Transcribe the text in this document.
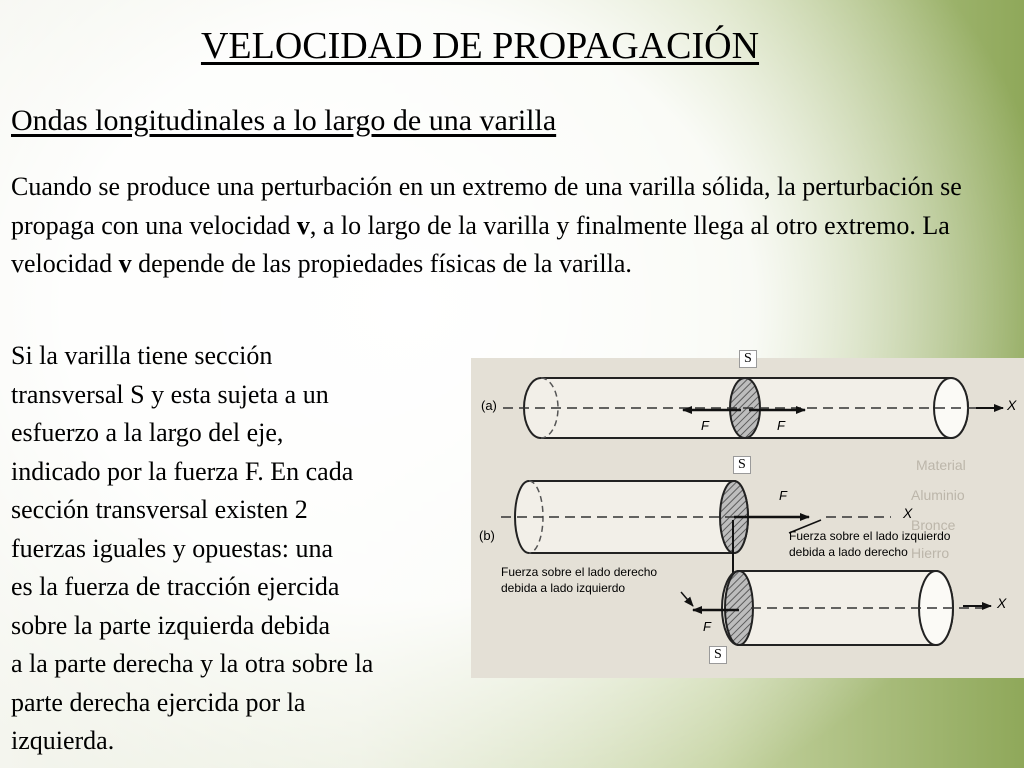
VELOCIDAD DE PROPAGACIÓN
Ondas longitudinales a lo largo de una varilla

Cuando se produce una perturbación en un extremo de una varilla sólida, la perturbación se propaga con una velocidad v, a lo largo de la varilla y finalmente llega al otro extremo. La velocidad v depende de las propiedades físicas de la varilla.

Si la varilla tiene sección
transversal S y esta sujeta a un
esfuerzo a la largo del eje,
indicado por la fuerza F. En cada
sección transversal existen 2
fuerzas iguales y opuestas: una
es la fuerza de tracción ejercida
sobre la parte izquierda debida
a la parte derecha y la otra sobre la
parte derecha ejercida por la
izquierda.

Material
Aluminio
Bronce
Hierro
(a)
F	F
X
F
X
(b)
F
X
Fuerza sobre el lado izquierdo
debida a lado derecho
Fuerza sobre el lado derecho
debida a lado izquierdo
S
S
S
